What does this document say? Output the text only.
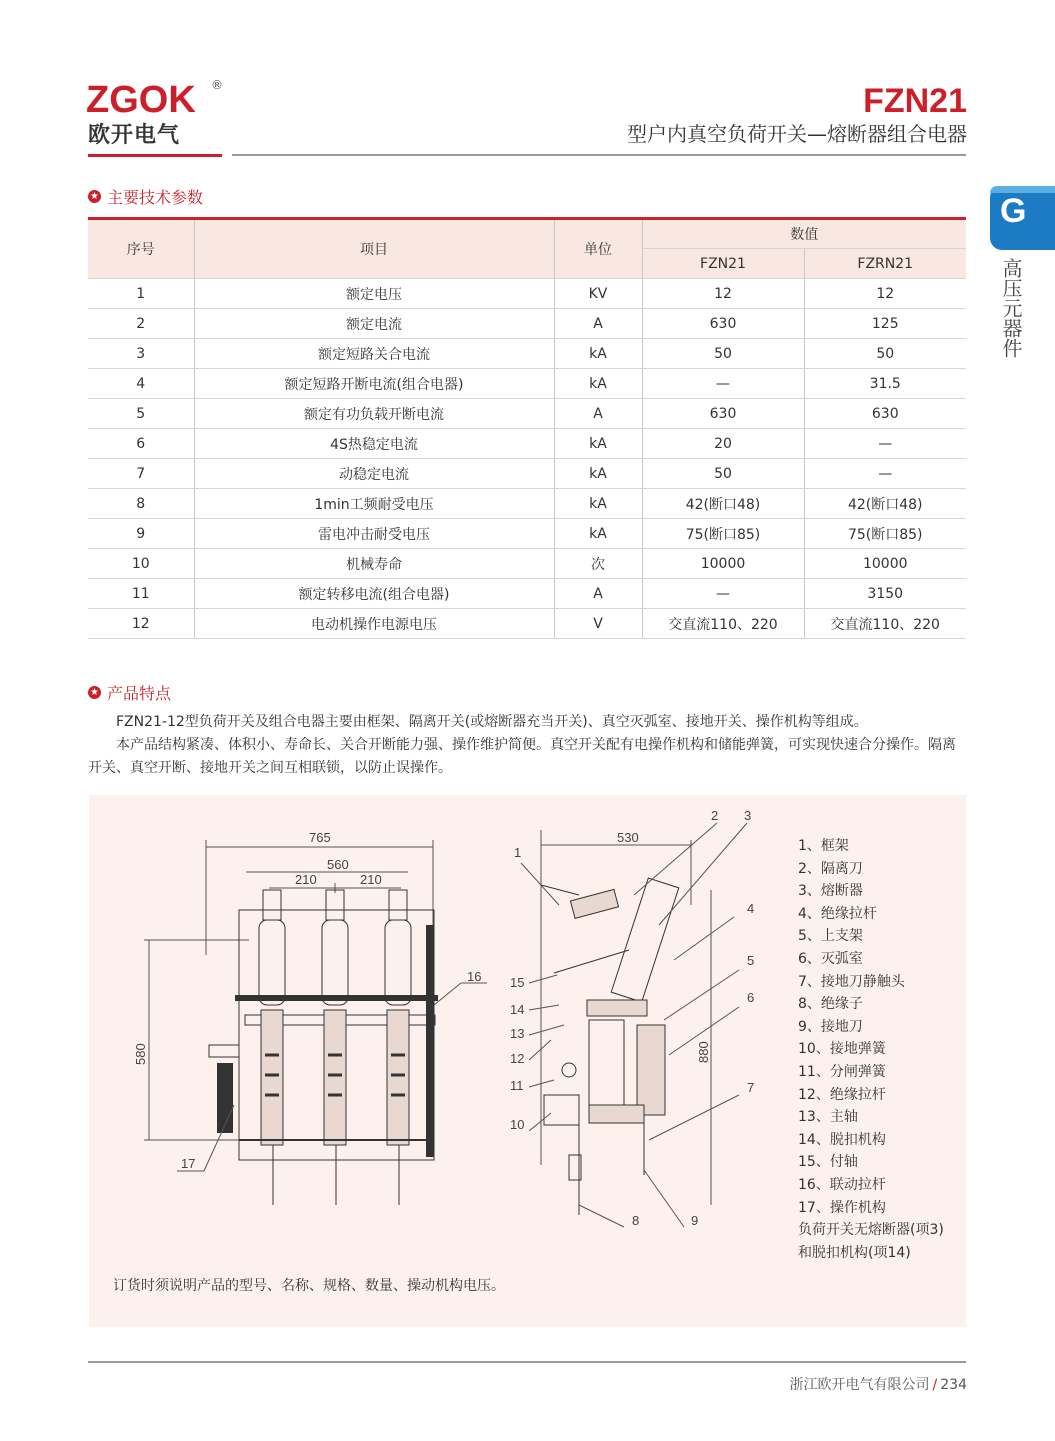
ZGOK ®
欧开电气
FZN21
型户内真空负荷开关—熔断器组合电器
G
高压元器件
★ 主要技术参数
序号	项目	单位	数值	
			FZN21	FZRN21
1	额定电压	KV	12	12
2	额定电流	A	630	125
3	额定短路关合电流	kA	50	50
4	额定短路开断电流(组合电器)	kA	—	31.5
5	额定有功负载开断电流	A	630	630
6	4S热稳定电流	kA	20	—
7	动稳定电流	kA	50	—
8	1min工频耐受电压	kA	42(断口48)	42(断口48)
9	雷电冲击耐受电压	kA	75(断口85)	75(断口85)
10	机械寿命	次	10000	10000
11	额定转移电流(组合电器)	A	—	3150
12	电动机操作电源电压	V	交直流110、220	交直流110、220
★ 产品特点
FZN21-12型负荷开关及组合电器主要由框架、隔离开关(或熔断器充当开关)、真空灭弧室、接地开关、操作机构等组成。
本产品结构紧凑、体积小、寿命长、关合开断能力强、操作维护简便。真空开关配有电操作机构和储能弹簧，可实现快速合分操作。隔离开关、真空开断、接地开关之间互相联锁，以防止误操作。
765
560
210	210
580
16
17
530
880
1
2 3
4
5
6
7
8	9
10
11
12
13
14
15
1、框架
2、隔离刀
3、熔断器
4、绝缘拉杆
5、上支架
6、灭弧室
7、接地刀静触头
8、绝缘子
9、接地刀
10、接地弹簧
11、分闸弹簧
12、绝缘拉杆
13、主轴
14、脱扣机构
15、付轴
16、联动拉杆
17、操作机构
负荷开关无熔断器(项3)
和脱扣机构(项14)
订货时须说明产品的型号、名称、规格、数量、操动机构电压。
浙江欧开电气有限公司 / 234
